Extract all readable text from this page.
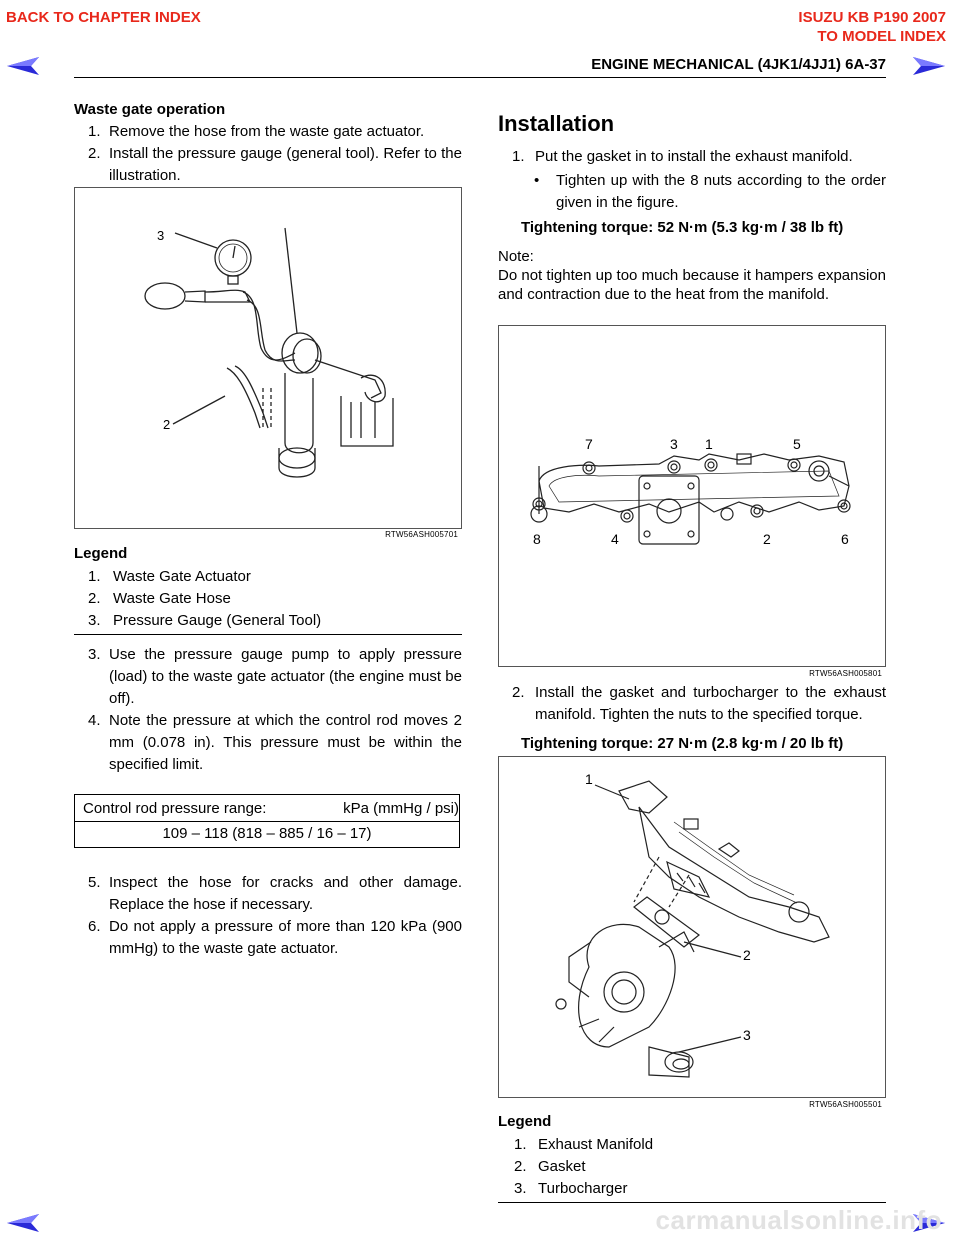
BACK TO CHAPTER INDEX	ISUZU KB P190 2007
TO MODEL INDEX
ENGINE MECHANICAL (4JK1/4JJ1) 6A-37
Waste gate operation
1. Remove the hose from the waste gate actuator.

2. Install the pressure gauge (general tool). Refer to the illustration.

3
2
RTW56ASH005701
Legend
1. Waste Gate Actuator

2. Waste Gate Hose

3. Pressure Gauge (General Tool)

3. Use the pressure gauge pump to apply pressure (load) to the waste gate actuator (the engine must be off).

4. Note the pressure at which the control rod moves 2 mm (0.078 in). This pressure must be within the specified limit.

Control rod pressure range:	kPa (mmHg / psi)
109 – 118 (818 – 885 / 16 – 17)
5. Inspect the hose for cracks and other damage. Replace the hose if necessary.

6. Do not apply a pressure of more than 120 kPa (900 mmHg) to the waste gate actuator.

Installation
1. Put the gasket in to install the exhaust manifold.

• Tighten up with the 8 nuts according to the order given in the figure.

Tightening torque: 52 N·m (5.3 kg·m / 38 lb ft)

Note:

Do not tighten up too much because it hampers expansion and contraction due to the heat from the manifold.

7	3 1	5
8	4	2	6
RTW56ASH005801
2. Install the gasket and turbocharger to the exhaust manifold. Tighten the nuts to the specified torque.

Tightening torque: 27 N·m (2.8 kg·m / 20 lb ft)
1
2
3
RTW56ASH005501
Legend
1. Exhaust Manifold

2. Gasket

3. Turbocharger

carmanualsonline.info
